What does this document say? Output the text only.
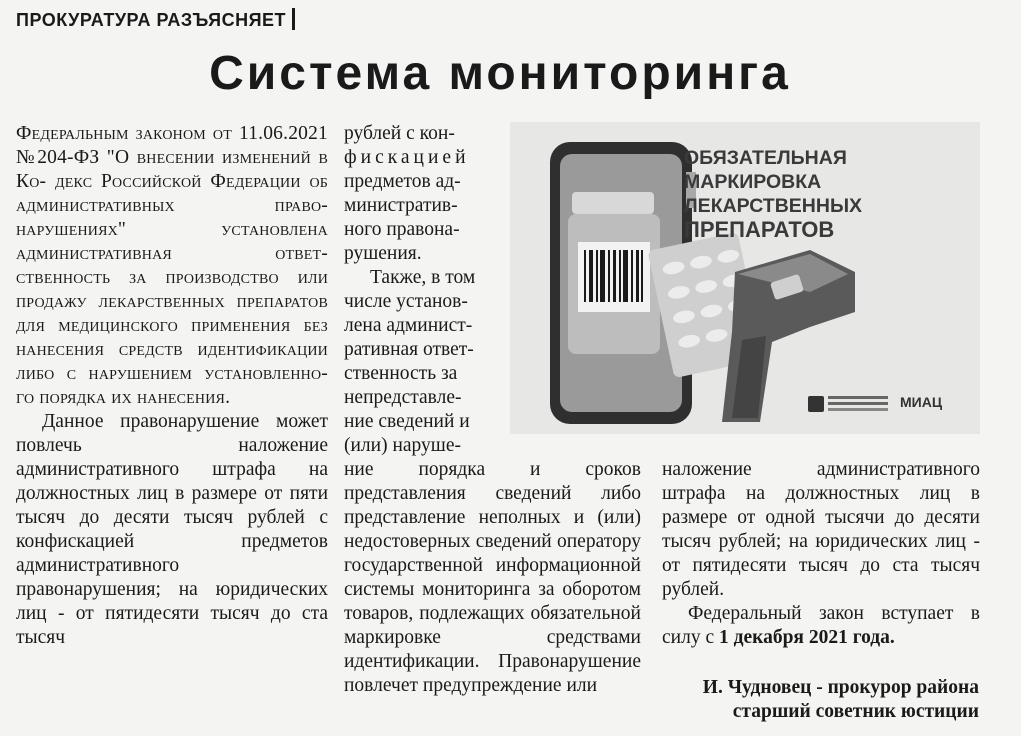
ПРОКУРАТУРА РАЗЪЯСНЯЕТ
Система мониторинга

Федеральным законом от 11.06.2021 №204-ФЗ "О внесении изменений в Ко- декс Российской Федерации об административных право- нарушениях" установлена административная ответ- ственность за производство или продажу лекарственных препаратов для медицинского применения без нанесения средств идентификации либо с нарушением установленно- го порядка их нанесения.

Данное правонарушение может повлечь наложение административного штрафа на должностных лиц в размере от пяти тысяч до десяти тысяч рублей с конфискацией предметов административного правонарушения; на юридических лиц - от пятидесяти тысяч до ста тысяч

рублей с кон-
фискацией
предметов ад-
министратив-
ного правона-
рушения.
Также, в том
числе установ-
лена админист-
ративная ответ-
ственность за
непредставле-
ние сведений и
(или) наруше-

ние порядка и сроков представления сведений либо представление неполных и (или) недостоверных сведений оператору государственной информационной системы мониторинга за оборотом товаров, подлежащих обязательной маркировке средствами идентификации. Правонарушение повлечет предупреждение или

ОБЯЗАТЕЛЬНАЯ
МАРКИРОВКА
ЛЕКАРСТВЕННЫХ
ПРЕПАРАТОВ
МИАЦ

наложение административного штрафа на должностных лиц в размере от одной тысячи до десяти тысяч рублей; на юридических лиц - от пятидесяти тысяч до ста тысяч рублей.

Федеральный закон вступает в силу с 1 декабря 2021 года.

И. Чудновец - прокурор района
старший советник юстиции
